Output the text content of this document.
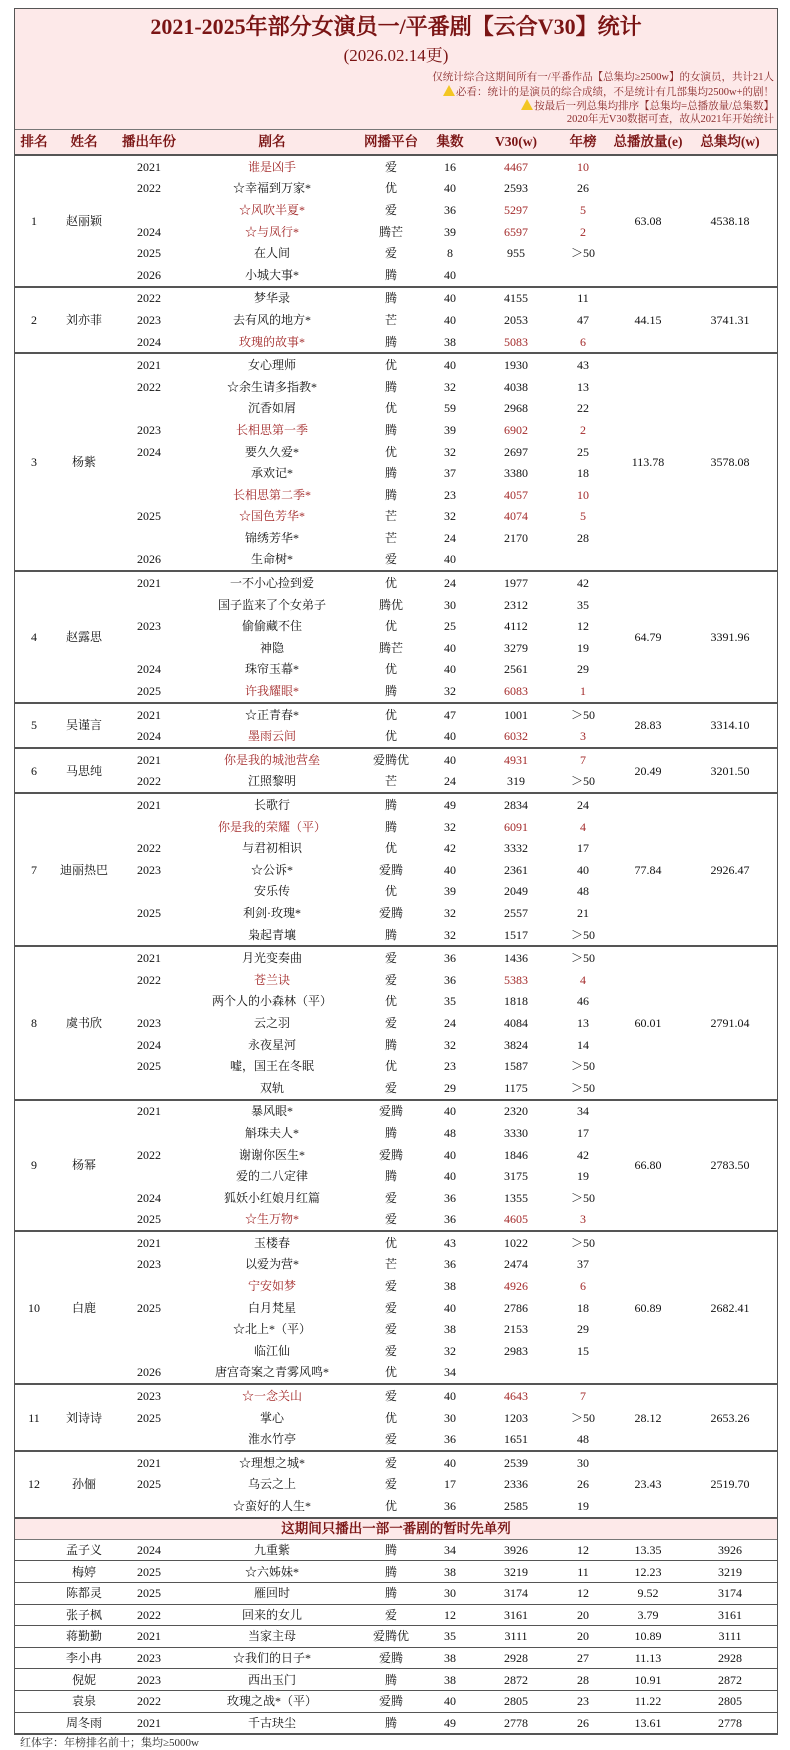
2021-2025年部分女演员一/平番剧【云合V30】统计
(2026.02.14更)
仅统计综合这期间所有一/平番作品【总集均≥2500w】的女演员，共计21人
必看：统计的是演员的综合成绩，不是统计有几部集均2500w+的剧！
按最后一列总集均排序【总集均=总播放量/总集数】
2020年无V30数据可查，故从2021年开始统计
排名	姓名	播出年份	剧名	网播平台	集数	V30(w)	年榜	总播放量(e)	总集均(w)
1	赵丽颖	2021	谁是凶手	爱	16	4467	10	63.08	4538.18
		2022	☆幸福到万家*	优	40	2593	26		
			☆风吹半夏*	爱	36	5297	5		
		2024	☆与凤行*	腾芒	39	6597	2		
		2025	在人间	爱	8	955	＞50		
		2026	小城大事*	腾	40				
2	刘亦菲	2022	梦华录	腾	40	4155	11	44.15	3741.31
		2023	去有风的地方*	芒	40	2053	47		
		2024	玫瑰的故事*	腾	38	5083	6		
3	杨紫	2021	女心理师	优	40	1930	43	113.78	3578.08
		2022	☆余生请多指教*	腾	32	4038	13		
			沉香如屑	优	59	2968	22		
		2023	长相思第一季	腾	39	6902	2		
		2024	要久久爱*	优	32	2697	25		
			承欢记*	腾	37	3380	18		
			长相思第二季*	腾	23	4057	10		
		2025	☆国色芳华*	芒	32	4074	5		
			锦绣芳华*	芒	24	2170	28		
		2026	生命树*	爱	40				
4	赵露思	2021	一不小心捡到爱	优	24	1977	42	64.79	3391.96
			国子监来了个女弟子	腾优	30	2312	35		
		2023	偷偷藏不住	优	25	4112	12		
			神隐	腾芒	40	3279	19		
		2024	珠帘玉幕*	优	40	2561	29		
		2025	许我耀眼*	腾	32	6083	1		
5	吴谨言	2021	☆正青春*	优	47	1001	＞50	28.83	3314.10
		2024	墨雨云间	优	40	6032	3		
6	马思纯	2021	你是我的城池营垒	爱腾优	40	4931	7	20.49	3201.50
		2022	江照黎明	芒	24	319	＞50		
7	迪丽热巴	2021	长歌行	腾	49	2834	24	77.84	2926.47
			你是我的荣耀（平）	腾	32	6091	4		
		2022	与君初相识	优	42	3332	17		
		2023	☆公诉*	爱腾	40	2361	40		
			安乐传	优	39	2049	48		
		2025	利剑·玫瑰*	爱腾	32	2557	21		
			枭起青壤	腾	32	1517	＞50		
8	虞书欣	2021	月光变奏曲	爱	36	1436	＞50	60.01	2791.04
		2022	苍兰诀	爱	36	5383	4		
			两个人的小森林（平）	优	35	1818	46		
		2023	云之羽	爱	24	4084	13		
		2024	永夜星河	腾	32	3824	14		
		2025	嘘，国王在冬眠	优	23	1587	＞50		
			双轨	爱	29	1175	＞50		
9	杨幂	2021	暴风眼*	爱腾	40	2320	34	66.80	2783.50
			斛珠夫人*	腾	48	3330	17		
		2022	谢谢你医生*	爱腾	40	1846	42		
			爱的二八定律	腾	40	3175	19		
		2024	狐妖小红娘月红篇	爱	36	1355	＞50		
		2025	☆生万物*	爱	36	4605	3		
10	白鹿	2021	玉楼春	优	43	1022	＞50	60.89	2682.41
		2023	以爱为营*	芒	36	2474	37		
			宁安如梦	爱	38	4926	6		
		2025	白月梵星	爱	40	2786	18		
			☆北上*（平）	爱	38	2153	29		
			临江仙	爱	32	2983	15		
		2026	唐宫奇案之青雾风鸣*	优	34				
11	刘诗诗	2023	☆一念关山	爱	40	4643	7	28.12	2653.26
		2025	掌心	优	30	1203	＞50		
			淮水竹亭	爱	36	1651	48		
12	孙俪	2021	☆理想之城*	爱	40	2539	30	23.43	2519.70
		2025	乌云之上	爱	17	2336	26		
			☆蛮好的人生*	优	36	2585	19		
这期间只播出一部一番剧的暂时先单列									
	孟子义	2024	九重紫	腾	34	3926	12	13.35	3926
	梅婷	2025	☆六姊妹*	腾	38	3219	11	12.23	3219
	陈都灵	2025	雁回时	腾	30	3174	12	9.52	3174
	张子枫	2022	回来的女儿	爱	12	3161	20	3.79	3161
	蒋勤勤	2021	当家主母	爱腾优	35	3111	20	10.89	3111
	李小冉	2023	☆我们的日子*	爱腾	38	2928	27	11.13	2928
	倪妮	2023	西出玉门	腾	38	2872	28	10.91	2872
	袁泉	2022	玫瑰之战*（平）	爱腾	40	2805	23	11.22	2805
	周冬雨	2021	千古玦尘	腾	49	2778	26	13.61	2778
红体字：年榜排名前十；集均≥5000w
